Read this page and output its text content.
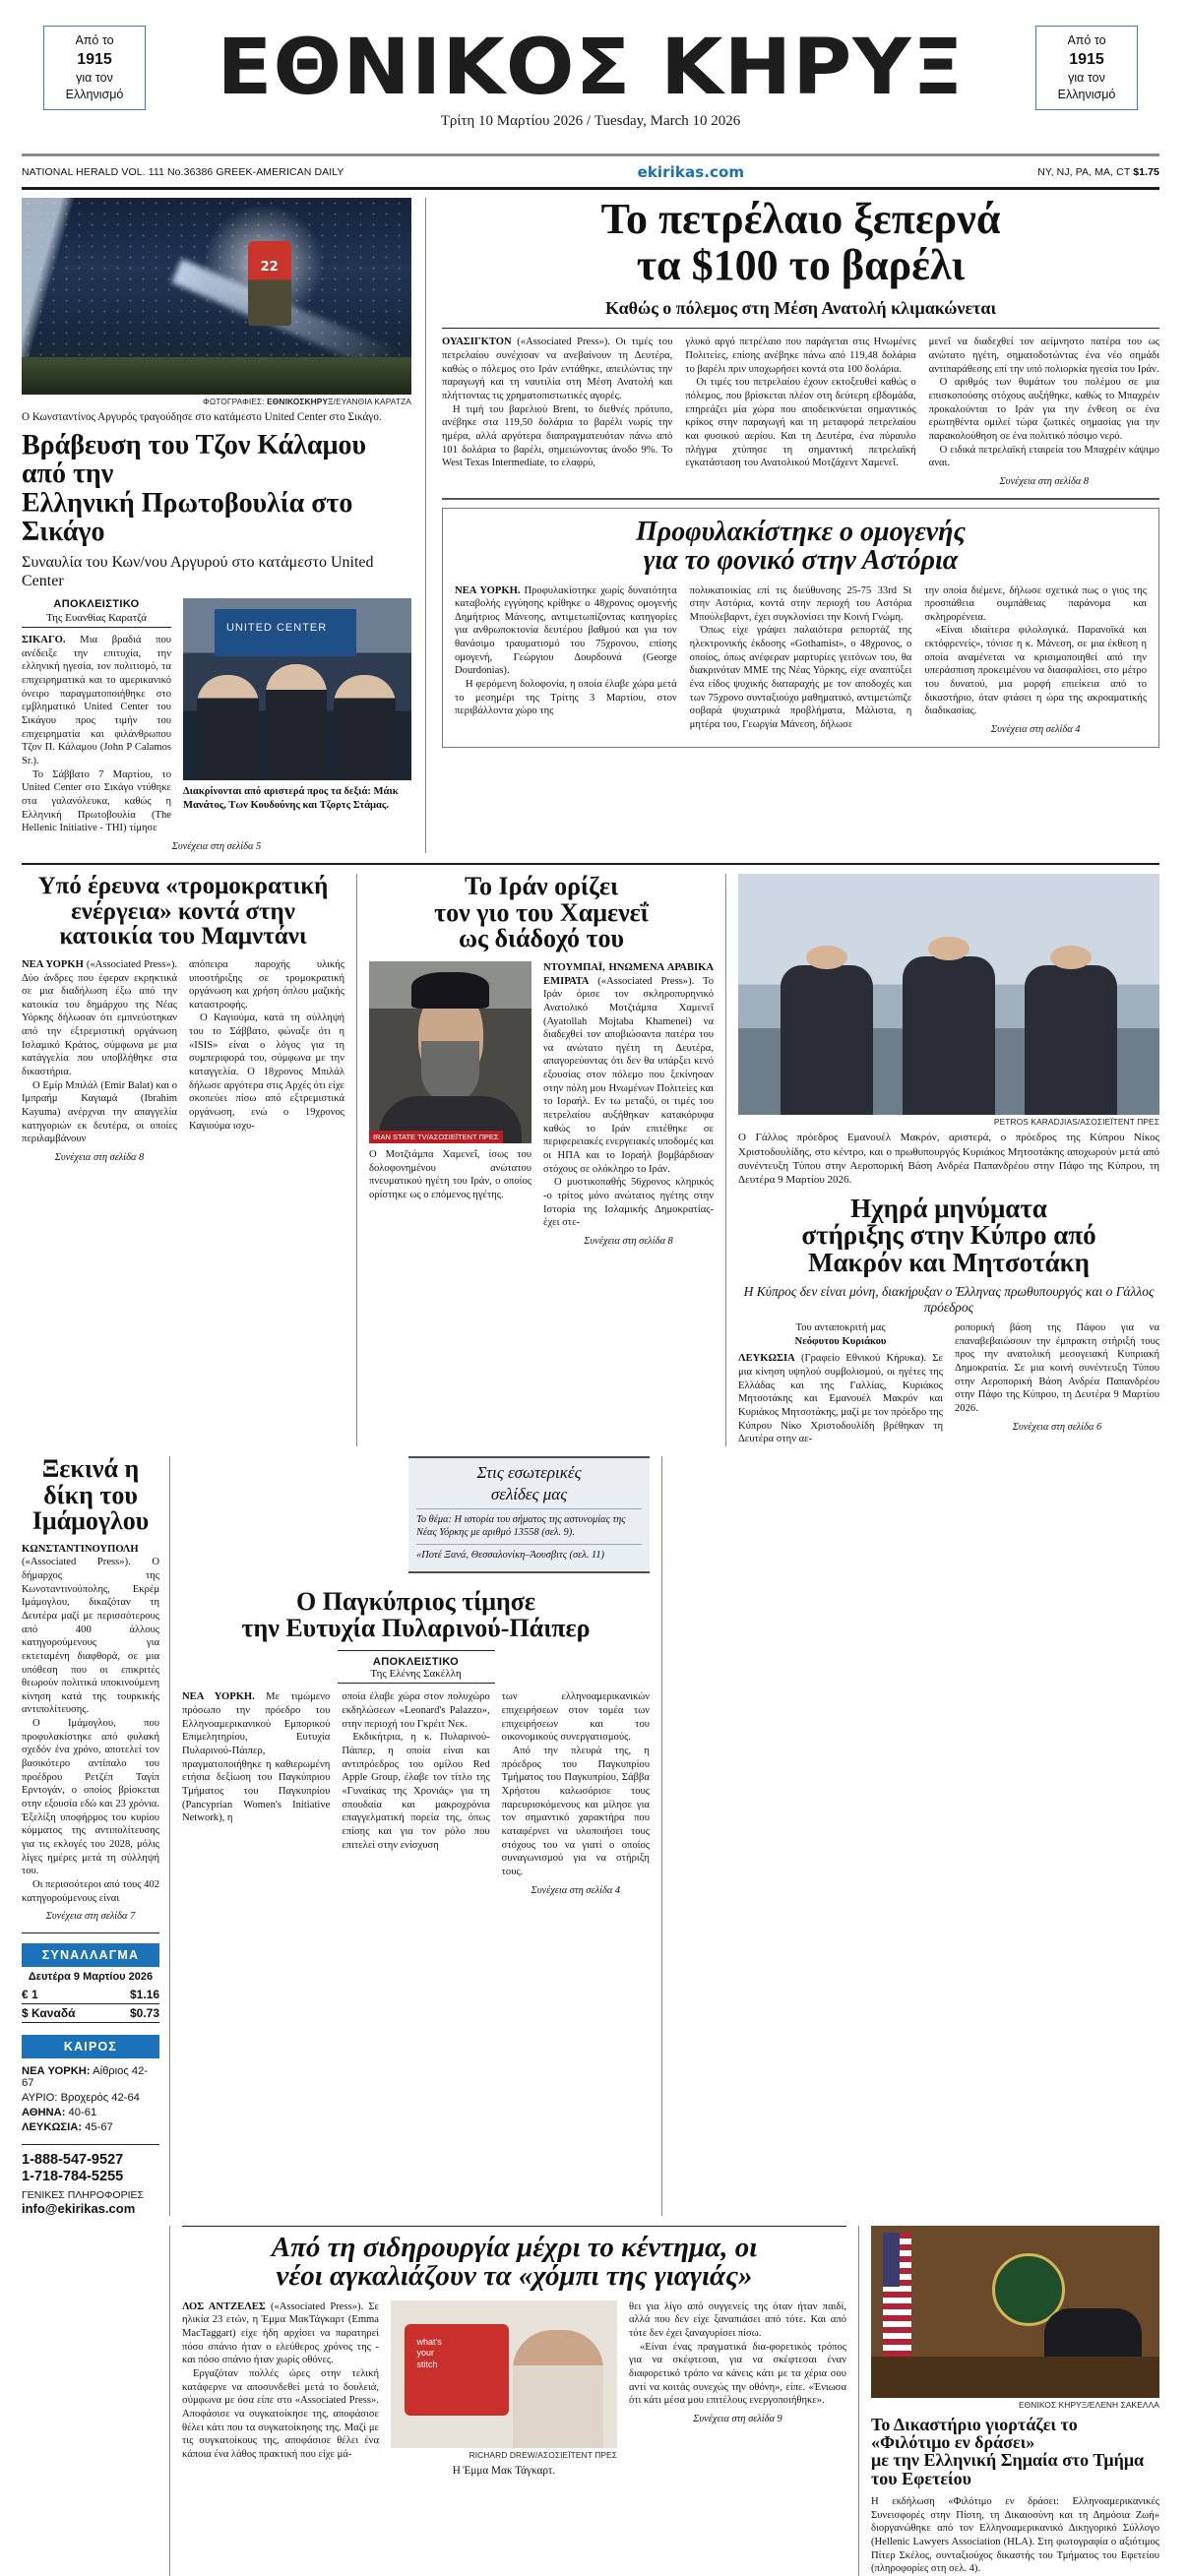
Από το
1915
για τον
Ελληνισμό	ΕΘΝΙΚΟΣ ΚΗΡΥΞ
Τρίτη 10 Μαρτίου 2026 / Tuesday, March 10 2026
Από το
1915
για τον
Ελληνισμό
NATIONAL HERALD VOL. 111 No.36386 GREEK-AMERICAN DAILY	ekirikas.com	NY, NJ, PA, MA, CT $1.75
22
ΦΩΤΟΓΡΑΦΙΕΣ: ΕΘΝΙΚΟΣΚΗΡΥΞ/ΕΥΑΝΘΙΑ ΚΑΡΑΤΖΑ
Ο Κωνσταντίνος Αργυρός τραγούδησε στο κατάμεστο United Center στο Σικάγο.
Βράβευση του Τζον Κάλαμου από την
Ελληνική Πρωτοβουλία στο Σικάγο
Συναυλία του Κων/νου Αργυρού στο κατάμεστο United Center
ΑΠΟΚΛΕΙΣΤΙΚΟ
Της Ευανθίας Καρατζά

ΣΙΚΑΓΟ. Μια βραδιά που ανέδειξε την επιτυχία, την ελληνική ηγεσία, τον πολιτισμό, τα επιχειρηματικά και το αμερικανικό όνειρο παραγματοποιήθηκε στο εμβληματικό United Center του Σικάγου προς τιμήν του επιχειρηματία και φιλάνθρωπου Τζον Π. Κάλαμου (John P Calamos Sr.).

Το Σάββατο 7 Μαρτίου, το United Center στο Σικάγο ντύθηκε στα γαλανόλευκα, καθώς η Ελληνική Πρωτοβουλία (The Hellenic Initiative - THI) τίμησε

UNITED CENTER

Διακρίνονται από αριστερά προς τα δεξιά: Μάικ Μανάτος, Των Κουδούνης και Τζορτς Στάμας.

Συνέχεια στη σελίδα 5

Το πετρέλαιο ξεπερνά
τα $100 το βαρέλι
Καθώς ο πόλεμος στη Μέση Ανατολή κλιμακώνεται

ΟΥΑΣΙΓΚΤΟΝ («Associated Press»). Οι τιμές του πετρελαίου συνέχισαν να ανεβαίνουν τη Δευτέρα, καθώς ο πόλεμος στο Ιράν εντάθηκε, απειλώντας την παραγωγή και τη ναυτιλία στη Μέση Ανατολή και πλήττοντας τις χρηματοπιστωτικές αγορές.

Η τιμή του βαρελιού Brent, το διεθνές πρότυπο, ανέβηκε στα 119,50 δολάρια το βαρέλι νωρίς την ημέρα, αλλά αργότερα διαπραγματευόταν πάνω από 101 δολάρια το βαρέλι, σημειώνοντας άνοδο 9%. Το West Texas Intermediate, το ελαφρύ,

γλυκό αργό πετρέλαιο που παράγεται στις Ηνωμένες Πολιτείες, επίσης ανέβηκε πάνω από 119,48 δολάρια το βαρέλι πριν υποχωρήσει κοντά στα 100 δολάρια.

Οι τιμές του πετρελαίου έχουν εκτοξευθεί καθώς ο πόλεμος, που βρίσκεται πλέον στη δεύτερη εβδομάδα, επηρεάζει μία χώρα που αποδεικνύεται σημαντικός κρίκος στην παραγωγή και τη μεταφορά πετρελαίου και φυσικού αερίου. Και τη Δευτέρα, ένα πύραυλο πλήγμα χτύπησε τη σημαντική πετρελαϊκή εγκατάσταση του Ανατολικού Μοτζάχεντ Χαμενεΐ.

μενεΐ να διαδεχθεί τον αείμνηστο πατέρα του ως ανώτατο ηγέτη, σηματοδοτώντας ένα νέο σημάδι αντιπαράθεσης επί την υπό πολιορκία ηγεσία του Ιράν.

Ο αριθμός των θυμάτων του πολέμου σε μια επισκοπούσης στόχους αυξήθηκε, καθώς το Μπαχρέιν προκαλούνται το Ιράν για την ένθεση σε ένα ερωτηθέντα ομιλεί τώρα ζωτικές σημασίας για την παρακολούθηση σε ένα πολιτικό πόσιμο νερό.

Ο ειδικά πετρελαϊκή εταιρεία του Μπαχρέιν κάψιμο αναι.

Συνέχεια στη σελίδα 8

Προφυλακίστηκε ο ομογενής
για το φονικό στην Αστόρια

ΝΕΑ ΥΟΡΚΗ. Προφυλακίστηκε χωρίς δυνατότητα καταβολής εγγύησης κρίθηκε ο 48χρονος ομογενής Δημήτριος Μάνεσης, αντιμετωπίζοντας κατηγορίες για ανθρωποκτονία δευτέρου βαθμού και για τον θανάσιμο τραυματισμό του 75χρονου, επίσης ομογενή, Γεώργιου Δουρδουνά (George Dourdonias).

Η φερόμενη δολοφονία, η οποία έλαβε χώρα μετά το μεσημέρι της Τρίτης 3 Μαρτίου, στον περιβάλλοντα χώρο της

πολυκατοικίας επί τις διεύθυνσης 25-75 33rd St στην Αστόρια, κοντά στην περιοχή του Αστόρια Μπούλεβαρντ, έχει συγκλονίσει την Κοινή Γνώμη.

Όπως είχε γράψει παλαιότερα ρεπορτάζ της ηλεκτρονικής έκδοσης «Gothamist», ο 48χρονος, ο οποίος, όπως ανέφεραν μαρτυρίες γειτόνων του, θα διακρινόταν ΜΜΕ της Νέας Υόρκης, είχε αναπτύξει ένα είδος ψυχικής διαταραχής με τον αποδοχές και των 75χρονο συνταξιούχο μαθηματικό, αντιμετώπιζε σοβαρά ψυχιατρικά προβλήματα, Μάλιστα, η μητέρα του, Γεωργία Μάνεση, δήλωσε

την οποία διέμενε, δήλωσε σχετικά πως ο γιος της προσπάθεια συμπάθειας παράνομα και σκληρορένεια.

«Είναι ιδιαίτερα φιλολογικά. Παρανοϊκά και εκτόφρενείς», τόνισε η κ. Μάνεση, σε μια έκθεση η οποία αναμένεται να κρισιμοποιηθεί από την υπεράσπιση προκειμένου να διασφαλίσει, στο μέτρο του δυνατού, μια μορφή επιείκεια από το δικαστήριο, όταν φτάσει η ώρα της ακροαματικής διαδικασίας.

Συνέχεια στη σελίδα 4

Υπό έρευνα «τρομοκρατική
ενέργεια» κοντά στην
κατοικία του Μαμντάνι

ΝΕΑ ΥΟΡΚΗ («Associated Press»). Δύο άνδρες που έφεραν εκρηκτικά σε μια διαδήλωση έξω από την κατοικία του δημάρχου της Νέας Υόρκης δήλωσαν ότι εμπνεύστηκαν από την εξτρεμιστική οργάνωση Ισλαμικό Κράτος, σύμφωνα με μια κατάγγελία που υποβλήθηκε στα δικαστήρια.

Ο Εμίρ Μπιλάλ (Emir Balat) και ο Ιμπραήμ Καγιαμά (Ibrahim Kayuma) ανέρχναι την απαγγελία κατηγοριών εκ δευτέρα, οι οποίες περιλαμβάνουν

Συνέχεια στη σελίδα 8

απόπειρα παροχής υλικής υποστήριξης σε τρομοκρατική οργάνωση και χρήση όπλου μαζικής καταστροφής.

Ο Καγιούμα, κατά τη σύλληψή του το Σάββατο, φώναξε ότι η «ISIS» είναι ο λόγος για τη συμπεριφορά του, σύμφωνα με την καταγγελία. Ο 18χρονος Μπιλάλ δήλωσε αργότερα στις Αρχές ότι είχε σκοπεύει πίσω από εξτρεμιστικά οργάνωση, ενώ ο 19χρονος Καγιούμα ισχυ-

Το Ιράν ορίζει
τον γιο του Χαμενεΐ
ως διάδοχό του
IRAN STATE TV/ΑΣΟΣΙΕΪΤΕΝΤ ΠΡΕΣ

Ο Μοτζτάμπα Χαμενεΐ, ίσως του δολοφονημένου ανώτατου πνευματικού ηγέτη του Ιράν, ο οποίος ορίστηκε ως ο επόμενος ηγέτης.

ΝΤΟΥΜΠΑΪ, ΗΝΩΜΕΝΑ ΑΡΑΒΙΚΑ ΕΜΙΡΑΤΑ («Associated Press»). Το Ιράν όρισε τον σκληροπυρηνικό Ανατολικό Μοτζτάμπα Χαμενεΐ (Ayatollah Mojtaba Khamenei) να διαδεχθεί τον αποβιώσαντα πατέρα του να ανώτατο ηγέτη τη Δευτέρα, απαγορεύοντας ότι δεν θα υπάρξει κενό εξουσίας στον πόλεμο που ξεκίνησαν στην πόλη μου Ηνωμένων Πολιτείες και το Ισραήλ. Εν τω μεταξύ, οι τιμές του πετρελαίου αυξήθηκαν κατακόρυφα καθώς το Ιράν επιτέθηκε σε περιφερειακές ενεργειακές υποδομές και οι ΗΠΑ και το Ισραήλ βομβάρδισαν στόχους σε ολόκληρο το Ιράν.

Ο μυστικοπαθής 56χρονος κληρικός -ο τρίτος μόνο ανώτατος ηγέτης στην Ιστορία της Ισλαμικής Δημοκρατίας- έχει στε-

Συνέχεια στη σελίδα 8

PETROS KARADJIAS/ΑΣΟΣΙΕΪΤΕΝΤ ΠΡΕΣ

Ο Γάλλος πρόεδρος Εμανουέλ Μακρόν, αριστερά, ο πρόεδρος της Κύπρου Νίκος Χριστοδουλίδης, στο κέντρο, και ο πρωθυπουργός Κυριάκος Μητσοτάκης αποχωρούν μετά από συνέντευξη Τύπου στην Αεροπορική Βάση Ανδρέα Παπανδρέου στην Πάφο της Κύπρου, τη Δευτέρα 9 Μαρτίου 2026.

Ηχηρά μηνύματα
στήριξης στην Κύπρο από
Μακρόν και Μητσοτάκη
Η Κύπρος δεν είναι μόνη, διακήρυξαν ο Έλληνας πρωθυπουργός και ο Γάλλος πρόεδρος

Του ανταποκριτή μας

Νεόφυτου Κυριάκου

ΛΕΥΚΩΣΙΑ (Γραφείο Εθνικού Κήρυκα). Σε μια κίνηση υψηλού συμβολισμού, οι ηγέτες της Ελλάδας και της Γαλλίας, Κυριάκος Μητσοτάκης και Εμανουέλ Μακρόν και Κυριάκος Μητσοτάκης, μαζί με τον πρόεδρο της Κύπρου Νίκο Χριστοδουλίδη βρέθηκαν τη Δευτέρα στην αε-

ροπορική βάση της Πάφου για να επαναβεβαιώσουν την έμπρακτη στήριξή τους προς την ανατολική μεσογειακή Κυπριακή Δημοκρατία. Σε μια κοινή συνέντευξη Τύπου στην Αεροπορική Βάση Ανδρέα Παπανδρέου στην Πάφο της Κύπρου, τη Δευτέρα 9 Μαρτίου 2026.

Συνέχεια στη σελίδα 6

Ξεκινά η
δίκη του
Ιμάμογλου

ΚΩΝΣΤΑΝΤΙΝΟΥΠΟΛΗ («Associated Press»). Ο δήμαρχος της Κωνσταντινούπολης, Εκρέμ Ιμάμογλου, δικαζόταν τη Δευτέρα μαζί με περισσότερους από 400 άλλους κατηγορούμενους για εκτεταμένη διαφθορά, σε μια υπόθεση που οι επικριτές θεωρούν πολιτικά υποκινούμενη κίνηση κατά της τουρκικής αντιπολίτευσης.

Ο Ιμάμογλου, που προφυλακίστηκε από φυλακή σχεδόν ένα χρόνο, αποτελεί τον βασικότερο αντίπαλο του προέδρου Ρετζέπ Ταγίπ Ερντογάν, ο οποίος βρίσκεται στην εξουσία εδώ και 23 χρόνια. Έξελίξη υποφήρμος του κυρίου κόμματος της αντιπολίτευσης για τις εκλογές του 2028, μόλις λίγες ημέρες μετά τη σύλληψή του.

Οι περισσότεροι από τους 402 κατηγορούμενους είναι

Συνέχεια στη σελίδα 7

ΣΥΝΑΛΛΑΓΜΑ
Δευτέρα 9 Μαρτίου 2026
€ 1	$1.16
$ Καναδά	$0.73
ΚΑΙΡΟΣ
ΝΕΑ ΥΟΡΚΗ: Αίθριος 42-67
ΑΥΡΙΟ: Βροχερός 42-64
ΑΘΗΝΑ: 40-61
ΛΕΥΚΩΣΙΑ: 45-67
1-888-547-9527
1-718-784-5255
ΓΕΝΙΚΕΣ ΠΛΗΡΟΦΟΡΙΕΣ
info@ekirikas.com
Στις εσωτερικές
σελίδες μας
Το θέμα: Η ιστορία του σήματος της αστυνομίας της Νέας Υόρκης με αριθμό 13558 (σελ. 9).
«Ποτέ Ξανά, Θεσσαλονίκη–Άουσβιτς (σελ. 11)
Ο Παγκύπριος τίμησε
την Ευτυχία Πυλαρινού-Πάιπερ
ΑΠΟΚΛΕΙΣΤΙΚΟ
Της Ελένης Σακέλλη

ΝΕΑ ΥΟΡΚΗ. Με τιμώμενο πρόσωπο την πρόεδρο του Ελληνοαμερικανικού Εμπορικού Επιμελητηρίου, Ευτυχία Πυλαρινού-Πάιπερ, πραγματοποιήθηκε η καθιερωμένη ετήσια δεξίωση του Παγκύπριου Τμήματος του Παγκυπρίου (Pancyprian Women's Initiative Network), η

οποία έλαβε χώρα στον πολυχώρο εκδηλώσεων «Leonard's Palazzo», στην περιοχή του Γκρέιτ Νεκ.

Εκδικήτρια, η κ. Πυλαρινού-Πάιπερ, η οποία είναι και αντιπρόεδρος του ομίλου Red Apple Group, έλαβε τον τίτλο της «Γυναίκας της Χρονιάς» για τη σπουδαία και μακροχρόνια επαγγελματική πορεία της, όπως επίσης και για τον ρόλο που επιτελεί στην ενίσχυση

των ελληνοαμερικανικών επιχειρήσεων στον τομέα των επιχειρήσεων και του οικονομικούς συνεργατισμούς.

Από την πλευρά της, η πρόεδρος του Παγκυπρίου Τμήματος του Παγκυπρίου, Σάββα Χρήστου καλωσόρισε τους παρευρισκόμενους και μίλησε για τον σημαντικό χαρακτήρα που καταφέρνει να υλοποιήσει τους στόχους του να γιατί ο οποίος συναγωνισμού για να στήριξη τους.

Συνέχεια στη σελίδα 4

Από τη σιδηρουργία μέχρι το κέντημα, οι
νέοι αγκαλιάζουν τα «χόμπι της γιαγιάς»

ΛΟΣ ΑΝΤΖΕΛΕΣ («Associated Press»). Σε ηλικία 23 ετών, η Έμμα ΜακΤάγκαρτ (Emma MacTaggart) είχε ήδη αρχίσει να παρατηρεί πόσο σπάνιο ήταν ο ελεύθερος χρόνος της - και πόσο σπάνιο ήταν χωρίς οθόνες.

Εργαζόταν πολλές ώρες στην τελική κατάφερνε να αποσυνδεθεί μετά το δουλειά, σύμφωνα με όσα είπε στο «Associated Press». Αποφάσισε να συγκατοίκησε της, αποφάσισε θέλει κάτι που τα συγκατοίκησης της. Μαζί με τις συγκατοίκους της, αποφάσισε θέλει ένα κάποια ένα λάθος πρακτική που είχε μά-

what's your stitch	RICHARD DREW/ΑΣΟΣΙΕΪΤΕΝΤ ΠΡΕΣ
Η Έμμα Μακ Τάγκαρτ.

θει για λίγο από συγγενείς της όταν ήταν παιδί, αλλά που δεν είχε ξαναπιάσει από τότε. Και από τότε δεν έχει ξαναγυρίσει πίσω.

«Είναι ένας πραγματικά δια-φορετικός τρόπος για να σκέφτεσαι, για να σκέφτεσαι έναν διαφορετικό τρόπο να κάνεις κάτι με τα χέρια σου αντί να κοιτάς συνεχώς την οθόνη», είπε. «Ένιωσα ότι κάτι μέσα μου επιτέλους ενεργοποιήθηκε».

Συνέχεια στη σελίδα 9

ΕΘΝΙΚΟΣ ΚΗΡΥΞ/ΕΛΕΝΗ ΣΑΚΕΛΛΑ
Το Δικαστήριο γιορτάζει το «Φιλότιμο εν δράσει»
με την Ελληνική Σημαία στο Τμήμα του Εφετείου

Η εκδήλωση «Φιλότιμο εν δράσει: Ελληνοαμερικανικές Συνεισφορές στην Πίστη, τη Δικαιοσύνη και τη Δημόσια Ζωή» διοργανώθηκε από τον Ελληνοαμερικανικό Δικηγορικό Σύλλογο (Hellenic Lawyers Association (HLA). Στη φωτογραφία ο αξιότιμος Πίτερ Σκέλος, συνταξιούχος δικαστής του Τμήματος του Εφετείου (πληροφορίες στη σελ. 4).
